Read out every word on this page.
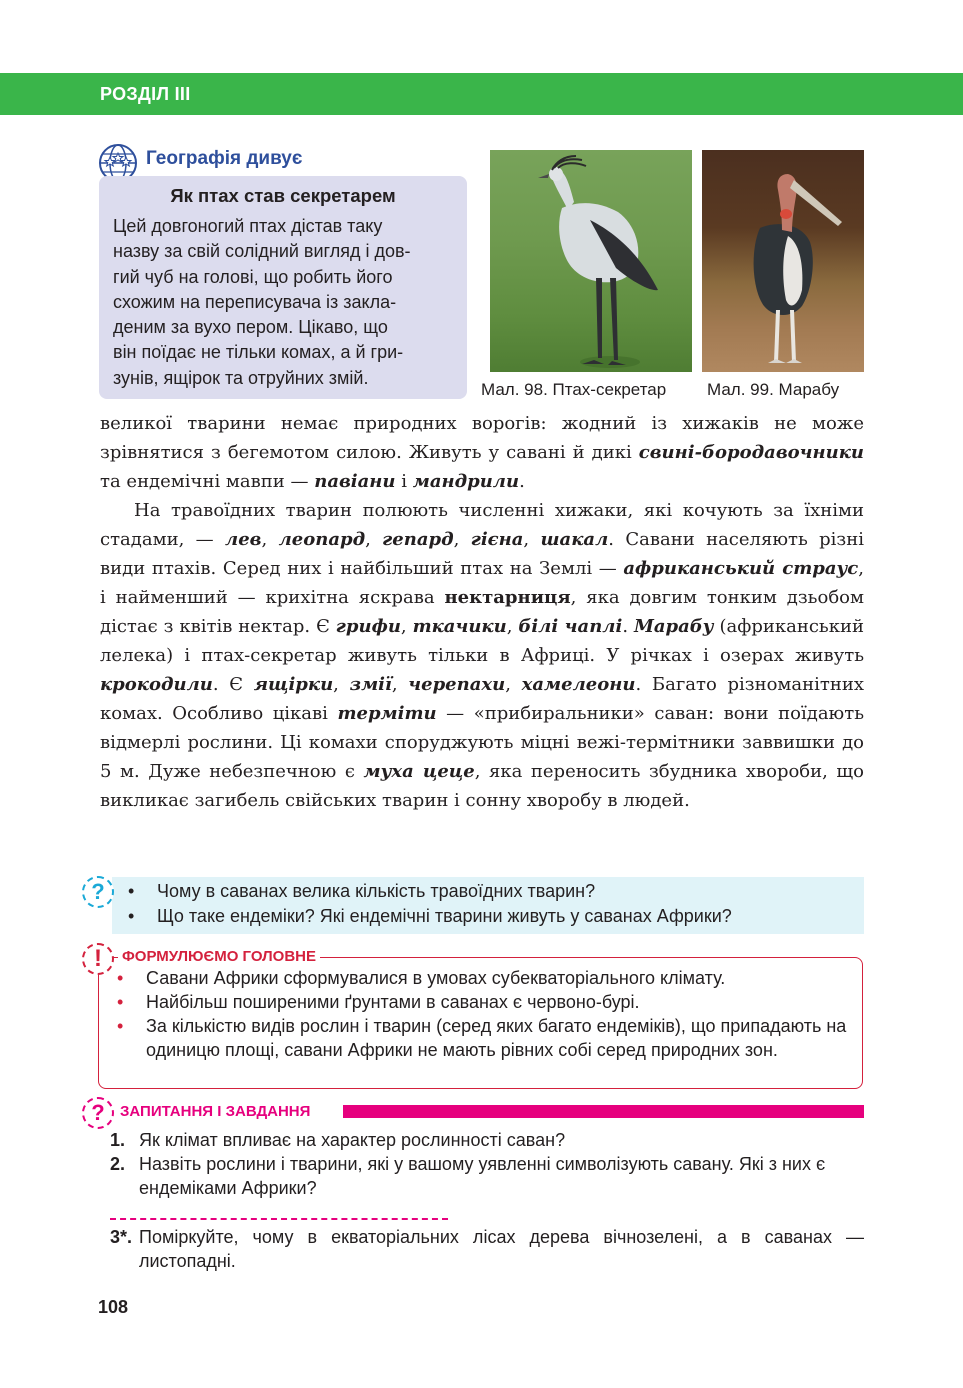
РОЗДІЛ ІІІ
Географія дивує
Як птах став секретарем
Цей довгоногий птах дістав таку
назву за свій солідний вигляд і дов-
гий чуб на голові, що робить його
схожим на переписувача із закла-
деним за вухо пером. Цікаво, що
він поїдає не тільки комах, а й гри-
зунів, ящірок та отруйних змій.
Мал. 98. Птах-секретар Мал. 99. Марабу

великої тварини немає природних ворогів: жодний із хижаків не може зрівнятися з бегемотом силою. Живуть у савані й дикі свині-бородавочники та ендемічні мавпи — павіани і мандрили.

На травоїдних тварин полюють численні хижаки, які кочують за їхніми стадами, — лев, леопард, гепард, гієна, шакал. Савани населяють різні види птахів. Серед них і найбільший птах на Землі — африканський страус, і найменший — крихітна яскрава нектарниця, яка довгим тонким дзьобом дістає з квітів нектар. Є грифи, ткачики, білі чаплі. Марабу (африканський лелека) і птах-секретар живуть тільки в Африці. У річках і озерах живуть крокодили. Є ящірки, змії, черепахи, хамелеони. Багато різноманітних комах. Особливо цікаві терміти — «прибиральники» саван: вони поїдають відмерлі рослини. Ці комахи споруджують міцні вежі-термітники заввишки до 5 м. Дуже небезпечною є муха цеце, яка переносить збудника хвороби, що викликає загибель свійських тварин і сонну хворобу в людей.

?	• Чому в саванах велика кількість травоїдних тварин?
• Що таке ендеміки? Які ендемічні тварини живуть у саванах Африки?
!	ФОРМУЛЮЄМО ГОЛОВНЕ
• Савани Африки сформувалися в умовах субекваторіального клімату.
• Найбільш поширеними ґрунтами в саванах є червоно-бурі.
• За кількістю видів рослин і тварин (серед яких багато ендеміків), що припадають на одиницю площі, савани Африки не мають рівних собі серед природних зон.
?	ЗАПИТАННЯ І ЗАВДАННЯ
1. Як клімат впливає на характер рослинності саван?
2. Назвіть рослини і тварини, які у вашому уявленні символізують савану. Які з них є ендеміками Африки?
3*. Поміркуйте, чому в екваторіальних лісах дерева вічнозелені, а в саванах — листопадні.
108
